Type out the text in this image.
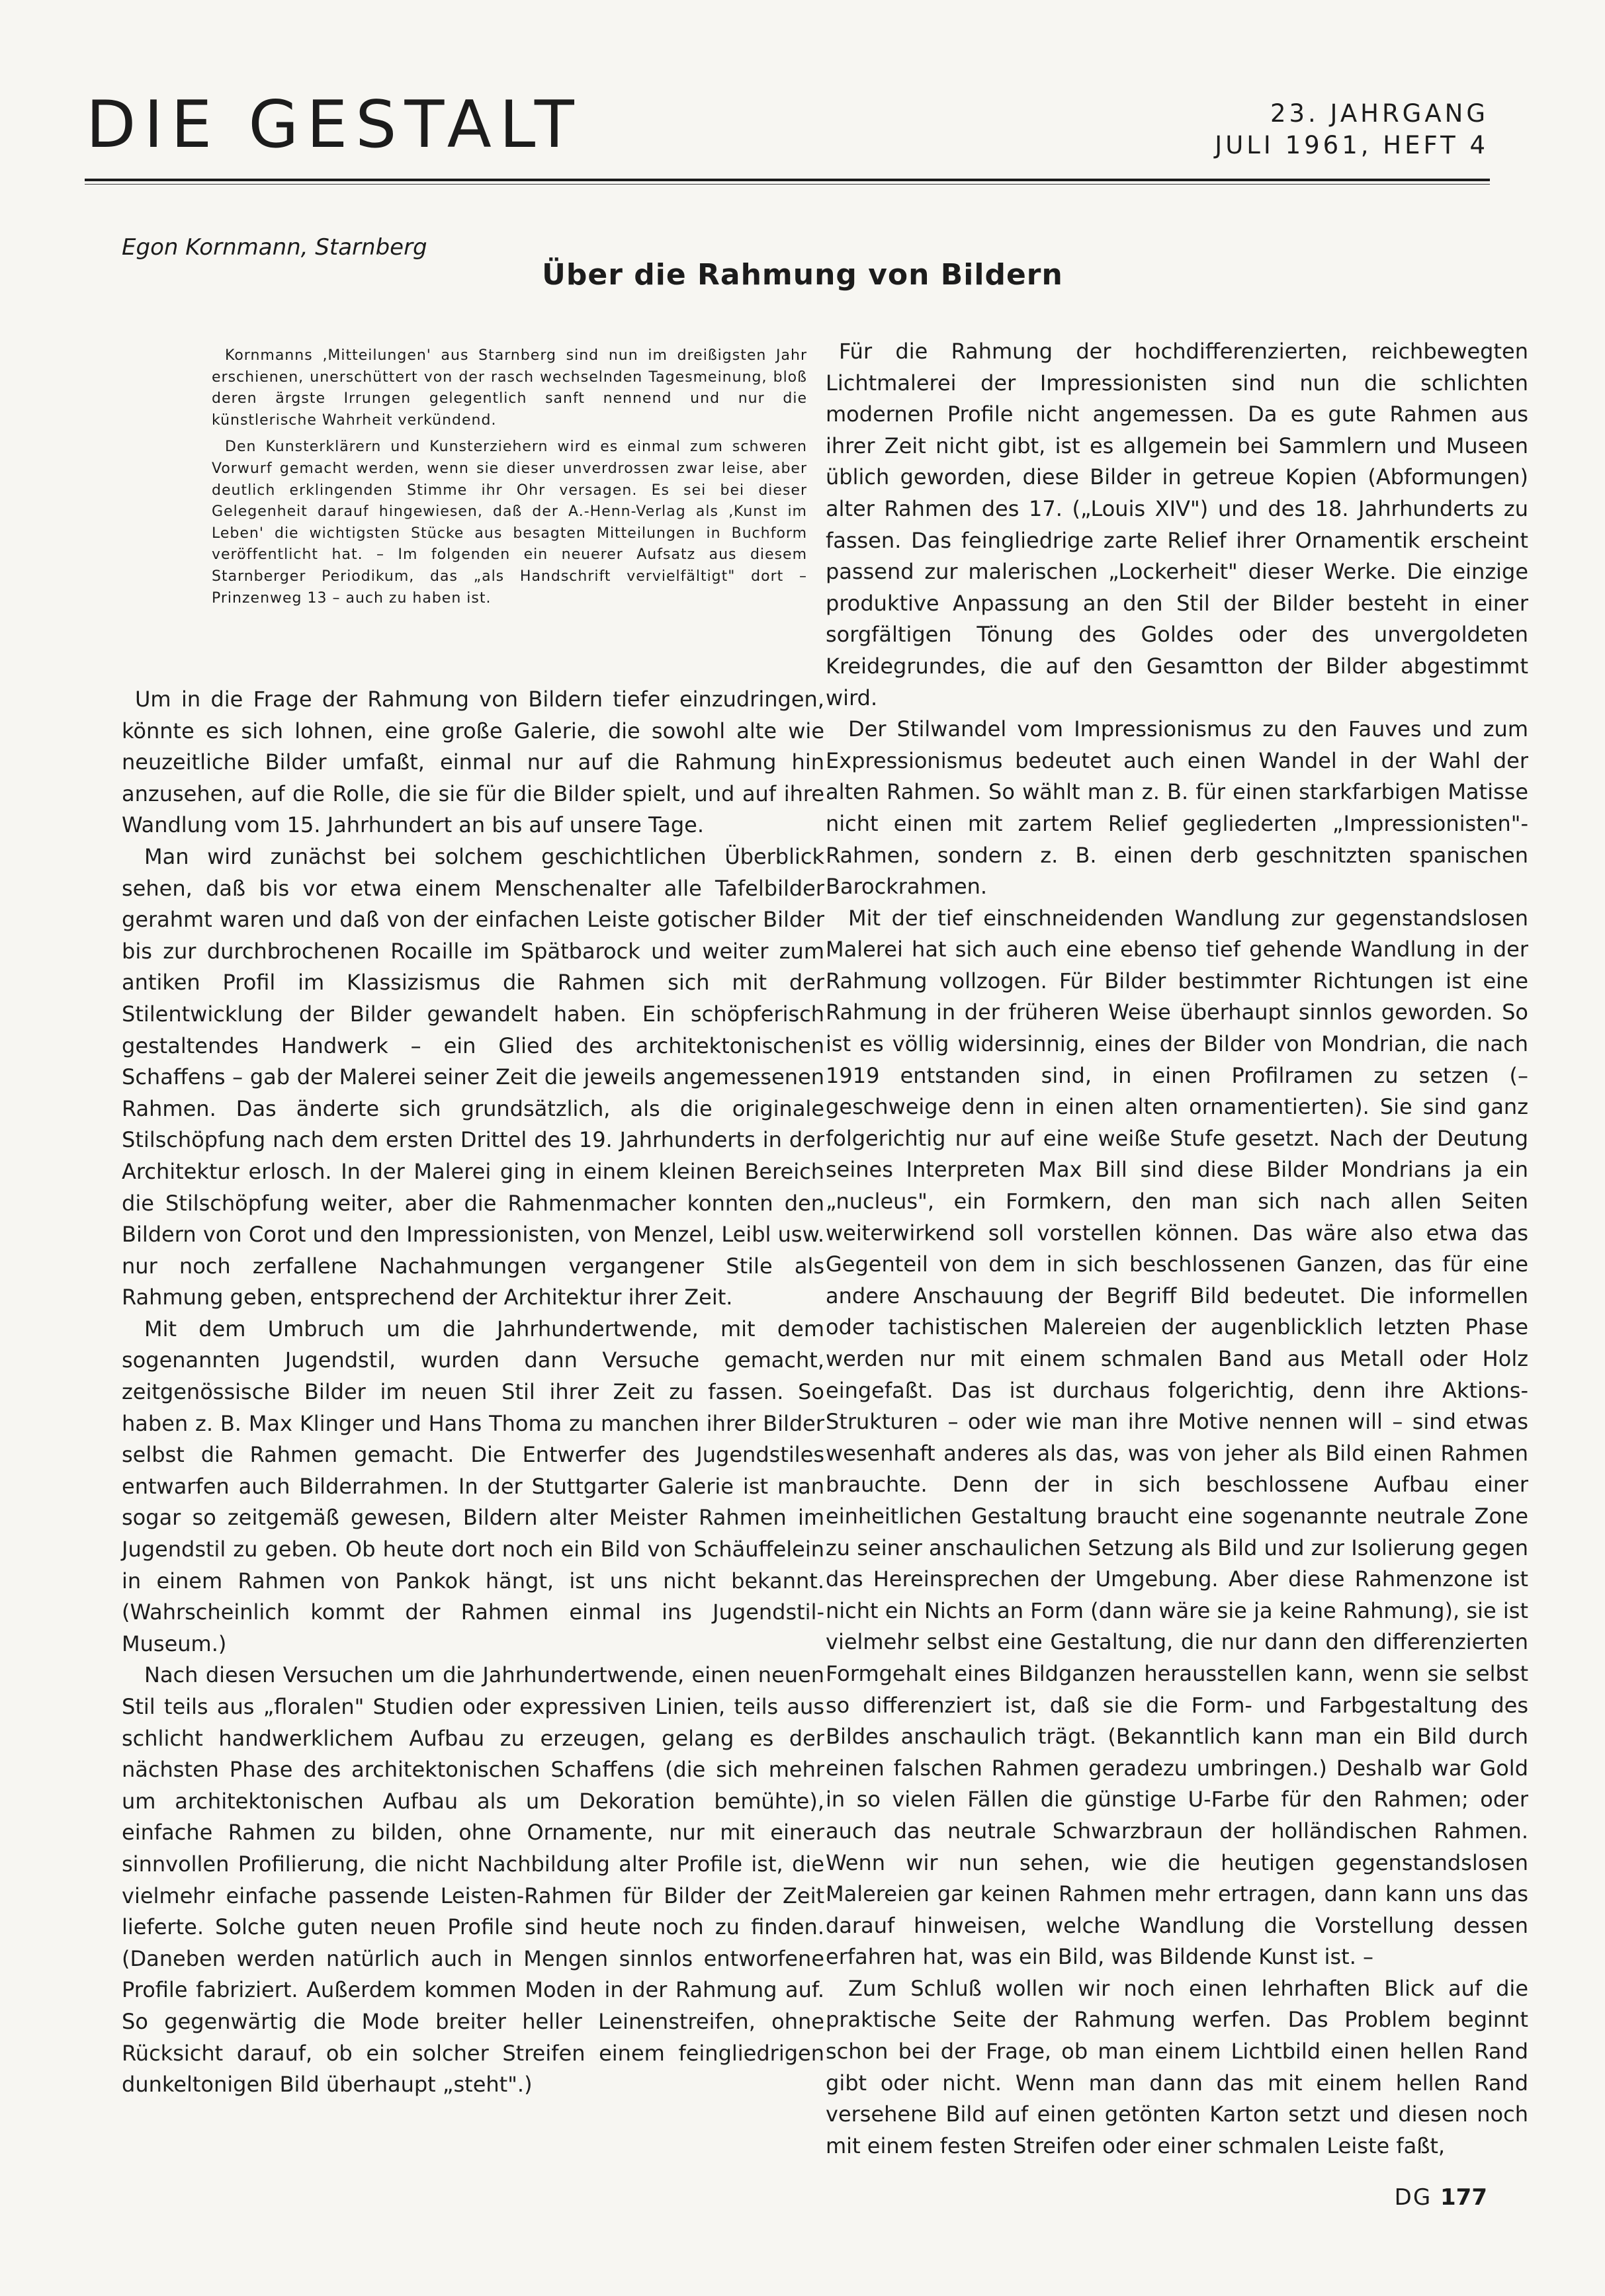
DIE GESTALT	23. JAHRGANG
JULI 1961, HEFT 4
Egon Kornmann, Starnberg
Über die Rahmung von Bildern

Kornmanns ‚Mitteilungen' aus Starnberg sind nun im dreißigsten Jahr erschienen, unerschüttert von der rasch wechselnden Tagesmeinung, bloß deren ärgste Irrungen gelegentlich sanft nennend und nur die künstlerische Wahrheit verkündend.

Den Kunsterklärern und Kunsterziehern wird es einmal zum schweren Vorwurf gemacht werden, wenn sie dieser unverdrossen zwar leise, aber deutlich erklingenden Stimme ihr Ohr versagen. Es sei bei dieser Gelegenheit darauf hingewiesen, daß der A.-Henn-Verlag als ‚Kunst im Leben' die wichtigsten Stücke aus besagten Mitteilungen in Buchform veröffentlicht hat. – Im folgenden ein neuerer Aufsatz aus diesem Starnberger Periodikum, das „als Handschrift vervielfältigt" dort – Prinzenweg 13 – auch zu haben ist.

Um in die Frage der Rahmung von Bildern tiefer einzudringen, könnte es sich lohnen, eine große Galerie, die sowohl alte wie neuzeitliche Bilder umfaßt, einmal nur auf die Rahmung hin anzusehen, auf die Rolle, die sie für die Bilder spielt, und auf ihre Wandlung vom 15. Jahrhundert an bis auf unsere Tage.

Man wird zunächst bei solchem geschichtlichen Überblick sehen, daß bis vor etwa einem Menschenalter alle Tafelbilder gerahmt waren und daß von der einfachen Leiste gotischer Bilder bis zur durchbrochenen Rocaille im Spätbarock und weiter zum antiken Profil im Klassizismus die Rahmen sich mit der Stilentwicklung der Bilder gewandelt haben. Ein schöpferisch gestaltendes Handwerk – ein Glied des architektonischen Schaffens – gab der Malerei seiner Zeit die jeweils angemessenen Rahmen. Das änderte sich grundsätzlich, als die originale Stilschöpfung nach dem ersten Drittel des 19. Jahrhunderts in der Architektur erlosch. In der Malerei ging in einem kleinen Bereich die Stilschöpfung weiter, aber die Rahmenmacher konnten den Bildern von Corot und den Impressionisten, von Menzel, Leibl usw. nur noch zerfallene Nachahmungen vergangener Stile als Rahmung geben, entsprechend der Architektur ihrer Zeit.

Mit dem Umbruch um die Jahrhundertwende, mit dem sogenannten Jugendstil, wurden dann Versuche gemacht, zeitgenössische Bilder im neuen Stil ihrer Zeit zu fassen. So haben z. B. Max Klinger und Hans Thoma zu manchen ihrer Bilder selbst die Rahmen gemacht. Die Entwerfer des Jugendstiles entwarfen auch Bilderrahmen. In der Stuttgarter Galerie ist man sogar so zeitgemäß gewesen, Bildern alter Meister Rahmen im Jugendstil zu geben. Ob heute dort noch ein Bild von Schäuffelein in einem Rahmen von Pankok hängt, ist uns nicht bekannt. (Wahrscheinlich kommt der Rahmen einmal ins Jugendstil-Museum.)

Nach diesen Versuchen um die Jahrhundertwende, einen neuen Stil teils aus „floralen" Studien oder expressiven Linien, teils aus schlicht handwerklichem Aufbau zu erzeugen, gelang es der nächsten Phase des architektonischen Schaffens (die sich mehr um architektonischen Aufbau als um Dekoration bemühte), einfache Rahmen zu bilden, ohne Ornamente, nur mit einer sinnvollen Profilierung, die nicht Nachbildung alter Profile ist, die vielmehr einfache passende Leisten-Rahmen für Bilder der Zeit lieferte. Solche guten neuen Profile sind heute noch zu finden. (Daneben werden natürlich auch in Mengen sinnlos entworfene Profile fabriziert. Außerdem kommen Moden in der Rahmung auf. So gegenwärtig die Mode breiter heller Leinenstreifen, ohne Rücksicht darauf, ob ein solcher Streifen einem feingliedrigen dunkeltonigen Bild überhaupt „steht".)

Für die Rahmung der hochdifferenzierten, reichbewegten Lichtmalerei der Impressionisten sind nun die schlichten modernen Profile nicht angemessen. Da es gute Rahmen aus ihrer Zeit nicht gibt, ist es allgemein bei Sammlern und Museen üblich geworden, diese Bilder in getreue Kopien (Abformungen) alter Rahmen des 17. („Louis XIV") und des 18. Jahrhunderts zu fassen. Das feingliedrige zarte Relief ihrer Ornamentik erscheint passend zur malerischen „Lockerheit" dieser Werke. Die einzige produktive Anpassung an den Stil der Bilder besteht in einer sorgfältigen Tönung des Goldes oder des unvergoldeten Kreidegrundes, die auf den Gesamtton der Bilder abgestimmt wird.

Der Stilwandel vom Impressionismus zu den Fauves und zum Expressionismus bedeutet auch einen Wandel in der Wahl der alten Rahmen. So wählt man z. B. für einen starkfarbigen Matisse nicht einen mit zartem Relief gegliederten „Impressionisten"-Rahmen, sondern z. B. einen derb geschnitzten spanischen Barockrahmen.

Mit der tief einschneidenden Wandlung zur gegenstandslosen Malerei hat sich auch eine ebenso tief gehende Wandlung in der Rahmung vollzogen. Für Bilder bestimmter Richtungen ist eine Rahmung in der früheren Weise überhaupt sinnlos geworden. So ist es völlig widersinnig, eines der Bilder von Mondrian, die nach 1919 entstanden sind, in einen Profilramen zu setzen (– geschweige denn in einen alten ornamentierten). Sie sind ganz folgerichtig nur auf eine weiße Stufe gesetzt. Nach der Deutung seines Interpreten Max Bill sind diese Bilder Mondrians ja ein „nucleus", ein Formkern, den man sich nach allen Seiten weiterwirkend soll vorstellen können. Das wäre also etwa das Gegenteil von dem in sich beschlossenen Ganzen, das für eine andere Anschauung der Begriff Bild bedeutet. Die informellen oder tachistischen Malereien der augenblicklich letzten Phase werden nur mit einem schmalen Band aus Metall oder Holz eingefaßt. Das ist durchaus folgerichtig, denn ihre Aktions-Strukturen – oder wie man ihre Motive nennen will – sind etwas wesenhaft anderes als das, was von jeher als Bild einen Rahmen brauchte. Denn der in sich beschlossene Aufbau einer einheitlichen Gestaltung braucht eine sogenannte neutrale Zone zu seiner anschaulichen Setzung als Bild und zur Isolierung gegen das Hereinsprechen der Umgebung. Aber diese Rahmenzone ist nicht ein Nichts an Form (dann wäre sie ja keine Rahmung), sie ist vielmehr selbst eine Gestaltung, die nur dann den differenzierten Formgehalt eines Bildganzen herausstellen kann, wenn sie selbst so differenziert ist, daß sie die Form- und Farbgestaltung des Bildes anschaulich trägt. (Bekanntlich kann man ein Bild durch einen falschen Rahmen geradezu umbringen.) Deshalb war Gold in so vielen Fällen die günstige U-Farbe für den Rahmen; oder auch das neutrale Schwarzbraun der holländischen Rahmen. Wenn wir nun sehen, wie die heutigen gegenstandslosen Malereien gar keinen Rahmen mehr ertragen, dann kann uns das darauf hinweisen, welche Wandlung die Vorstellung dessen erfahren hat, was ein Bild, was Bildende Kunst ist. –

Zum Schluß wollen wir noch einen lehrhaften Blick auf die praktische Seite der Rahmung werfen. Das Problem beginnt schon bei der Frage, ob man einem Lichtbild einen hellen Rand gibt oder nicht. Wenn man dann das mit einem hellen Rand versehene Bild auf einen getönten Karton setzt und diesen noch mit einem festen Streifen oder einer schmalen Leiste faßt,

DG 177
